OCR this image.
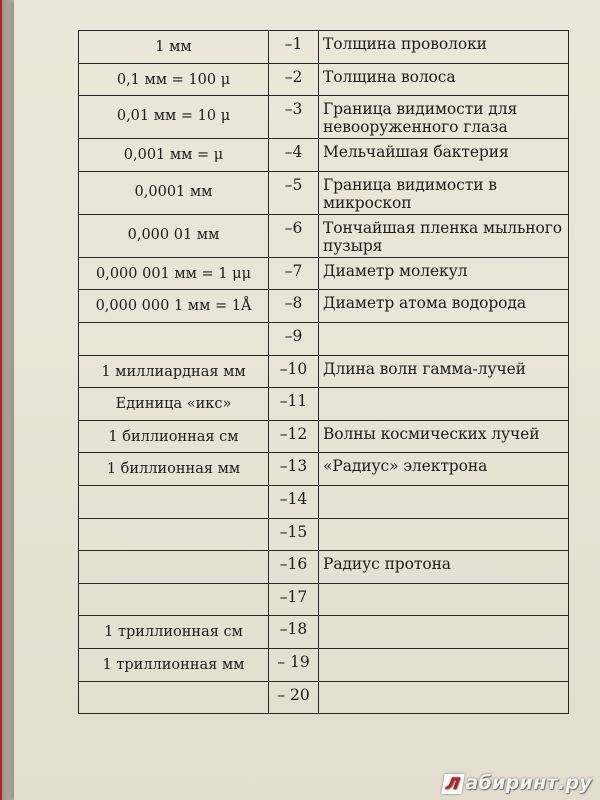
1 мм	–1	Толщина проволоки
0,1 мм = 100 μ	–2	Толщина волоса
0,01 мм = 10 μ	–3	Граница видимости для невооруженного глаза
0,001 мм = μ	–4	Мельчайшая бактерия
0,0001 мм	–5	Граница видимости в микроскоп
0,000 01 мм	–6	Тончайшая пленка мыльного пузыря
0,000 001 мм = 1 μμ	–7	Диаметр молекул
0,000 000 1 мм = 1Å	–8	Диаметр атома водорода
	–9	
1 миллиардная мм	–10	Длина волн гамма-лучей
Единица «икс»	–11	
1 биллионная см	–12	Волны космических лучей
1 биллионная мм	–13	«Радиус» электрона
	–14	
	–15	
	–16	Радиус протона
	–17	
1 триллионная см	–18	
1 триллионная мм	– 19	
	– 20	
Л абиринт.ру
